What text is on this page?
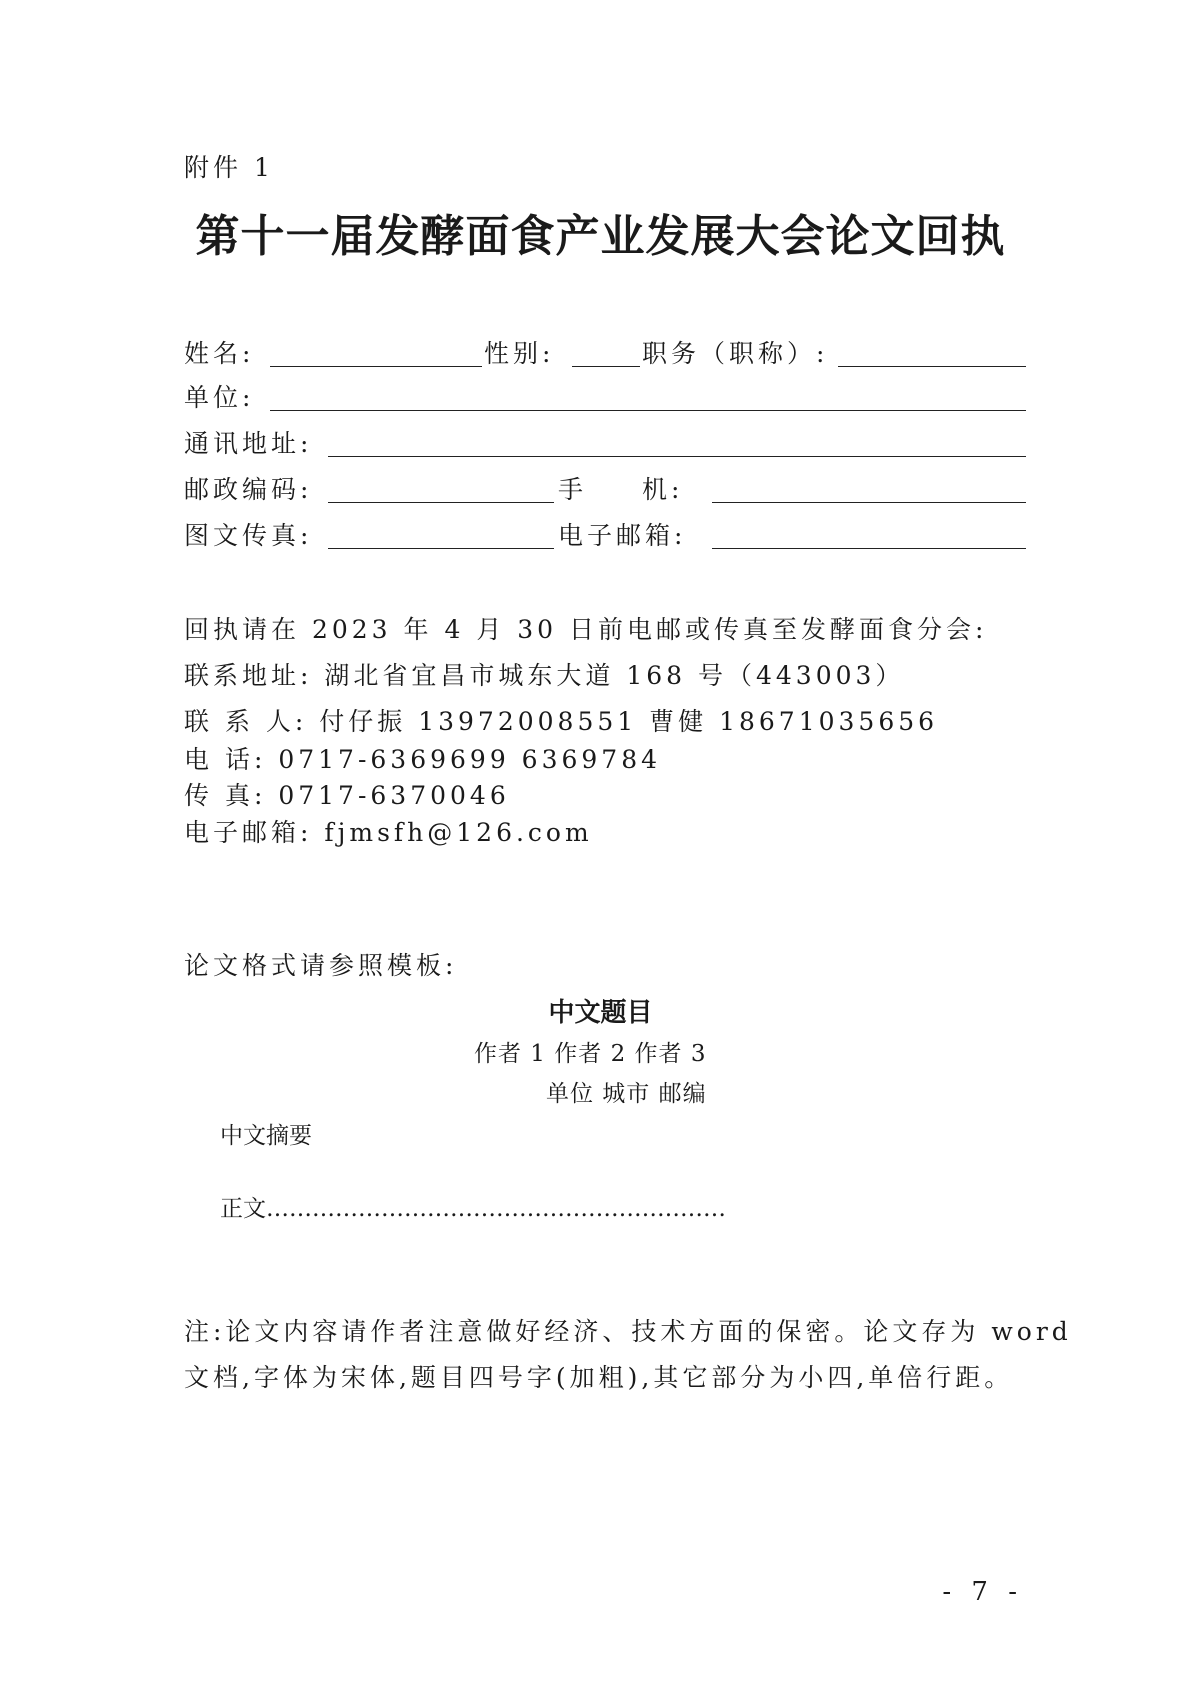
附件 1
第十一届发酵面食产业发展大会论文回执
姓名:	性别:	职务（职称）:
单位:
通讯地址:
邮政编码:	手 机:
图文传真:	电子邮箱:
回执请在 2023 年 4 月 30 日前电邮或传真至发酵面食分会:
联系地址: 湖北省宜昌市城东大道 168 号（443003）
联 系 人: 付仔振 13972008551 曹健 18671035656
电 话: 0717-6369699 6369784
传 真: 0717-6370046
电子邮箱: fjmsfh@126.com
论文格式请参照模板:
中文题目
作者 1 作者 2 作者 3
单位 城市 邮编
中文摘要
正文……………………………………………………
注:论文内容请作者注意做好经济、技术方面的保密。论文存为 word
文档,字体为宋体,题目四号字(加粗),其它部分为小四,单倍行距。
- 7 -
